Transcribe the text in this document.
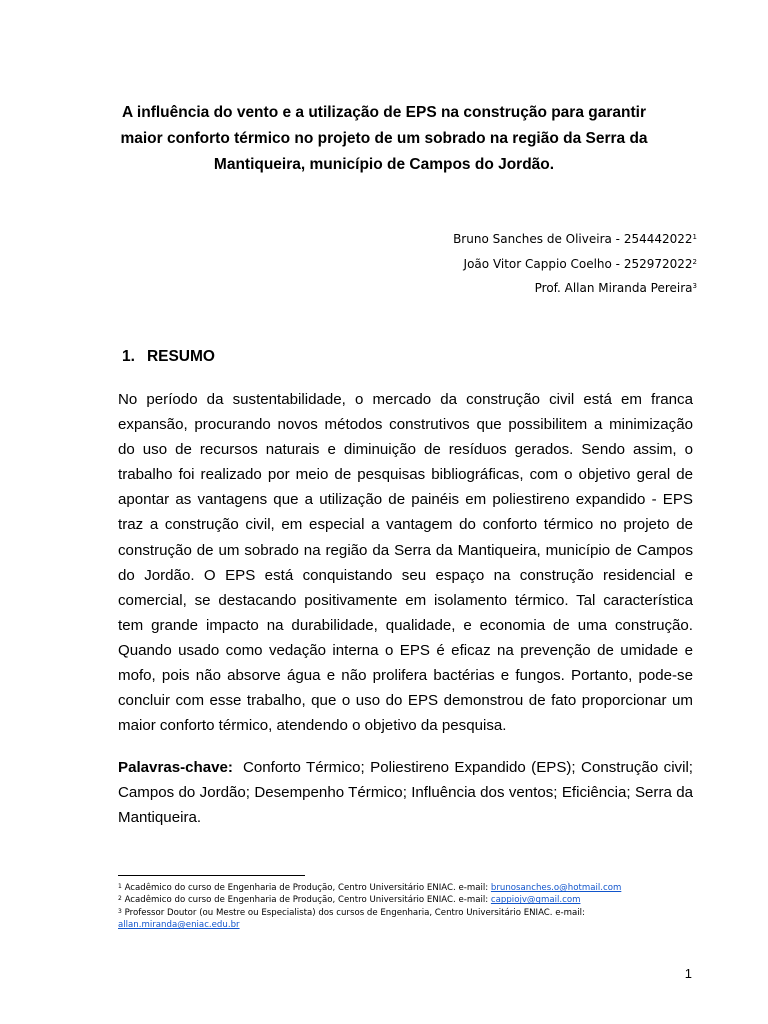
A influência do vento e a utilização de EPS na construção para garantir maior conforto térmico no projeto de um sobrado na região da Serra da Mantiqueira, município de Campos do Jordão.
Bruno Sanches de Oliveira - 254442022$^1$
João Vitor Cappio Coelho - 252972022$^2$
Prof. Allan Miranda Pereira$^3$
1. RESUMO

No período da sustentabilidade, o mercado da construção civil está em franca expansão, procurando novos métodos construtivos que possibilitem a minimização do uso de recursos naturais e diminuição de resíduos gerados. Sendo assim, o trabalho foi realizado por meio de pesquisas bibliográficas, com o objetivo geral de apontar as vantagens que a utilização de painéis em poliestireno expandido - EPS traz a construção civil, em especial a vantagem do conforto térmico no projeto de construção de um sobrado na região da Serra da Mantiqueira, município de Campos do Jordão. O EPS está conquistando seu espaço na construção residencial e comercial, se destacando positivamente em isolamento térmico. Tal característica tem grande impacto na durabilidade, qualidade, e economia de uma construção. Quando usado como vedação interna o EPS é eficaz na prevenção de umidade e mofo, pois não absorve água e não prolifera bactérias e fungos. Portanto, pode-se concluir com esse trabalho, que o uso do EPS demonstrou de fato proporcionar um maior conforto térmico, atendendo o objetivo da pesquisa.

Palavras-chave: Conforto Térmico; Poliestireno Expandido (EPS); Construção civil; Campos do Jordão; Desempenho Térmico; Influência dos ventos; Eficiência; Serra da Mantiqueira.

$^1$ Acadêmico do curso de Engenharia de Produção, Centro Universitário ENIAC. e-mail: brunosanches.o@hotmail.com
$^2$ Acadêmico do curso de Engenharia de Produção, Centro Universitário ENIAC. e-mail: cappiojv@gmail.com
$^3$ Professor Doutor (ou Mestre ou Especialista) dos cursos de Engenharia, Centro Universitário ENIAC. e-mail:
allan.miranda@eniac.edu.br
1
